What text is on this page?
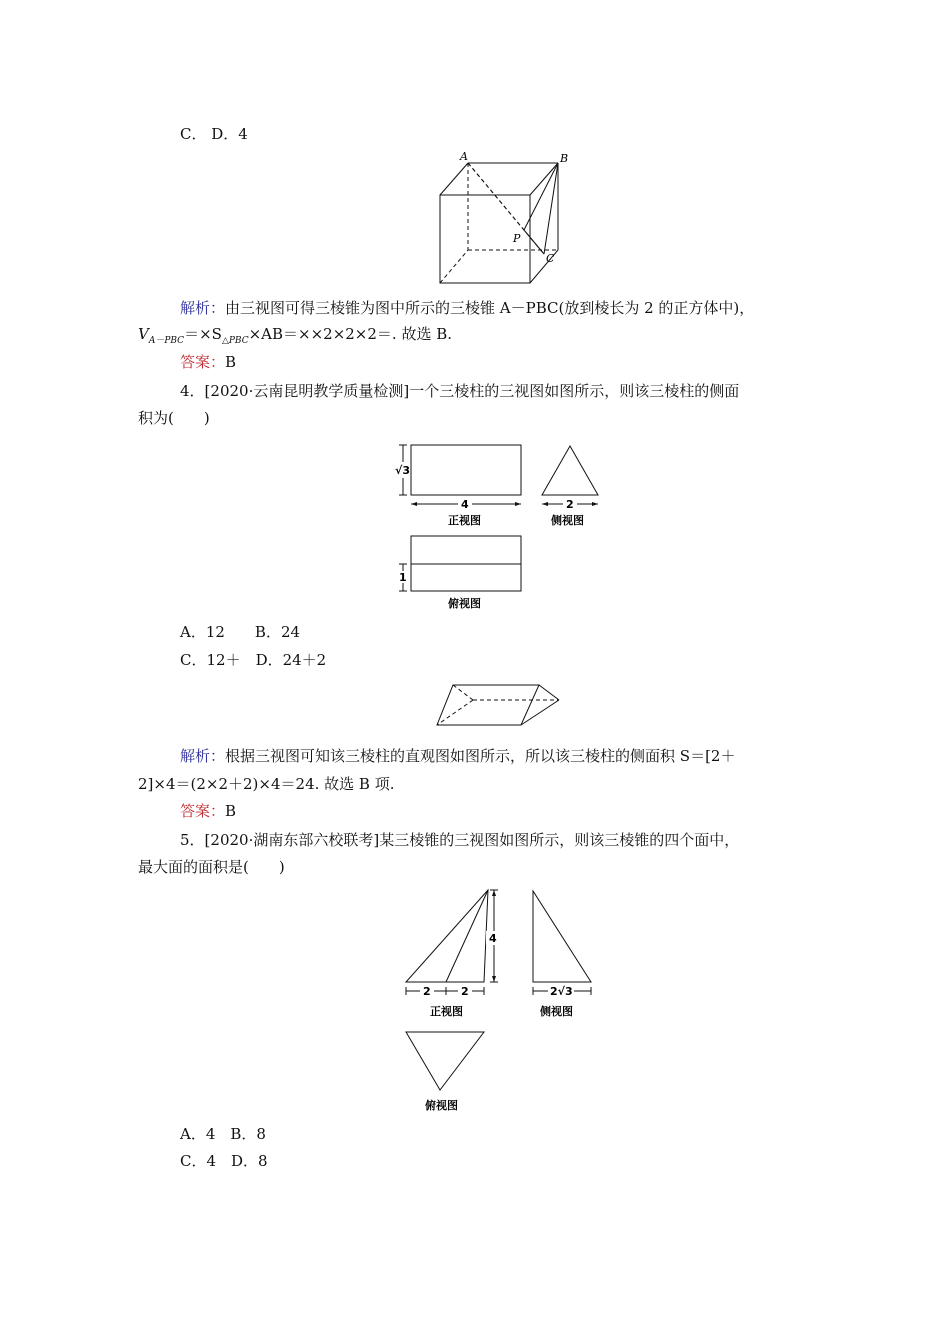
C． D．4
A	B
P
C
解析：由三视图可得三棱锥为图中所示的三棱锥 A－PBC(放到棱长为 2 的正方体中)，
$V_{A-PBC}=\times S_{\triangle PBC}\times AB=\times\times 2\times 2\times 2=$. 故选 B.
答案：B
4．[2020·云南昆明教学质量检测]一个三棱柱的三视图如图所示，则该三棱柱的侧面
积为(　　)
√3
4
正视图
2
侧视图
1
俯视图
A．12　　B．24
C．12＋　D．24＋2
解析：根据三视图可知该三棱柱的直观图如图所示，所以该三棱柱的侧面积 S＝[2＋
2]×4＝(2×2＋2)×4＝24. 故选 B 项.
答案：B
5．[2020·湖南东部六校联考]某三棱锥的三视图如图所示，则该三棱锥的四个面中，
最大面的面积是(　　)
4
2	2
正视图
2√3
侧视图
俯视图
A．4　B．8
C．4　D．8
